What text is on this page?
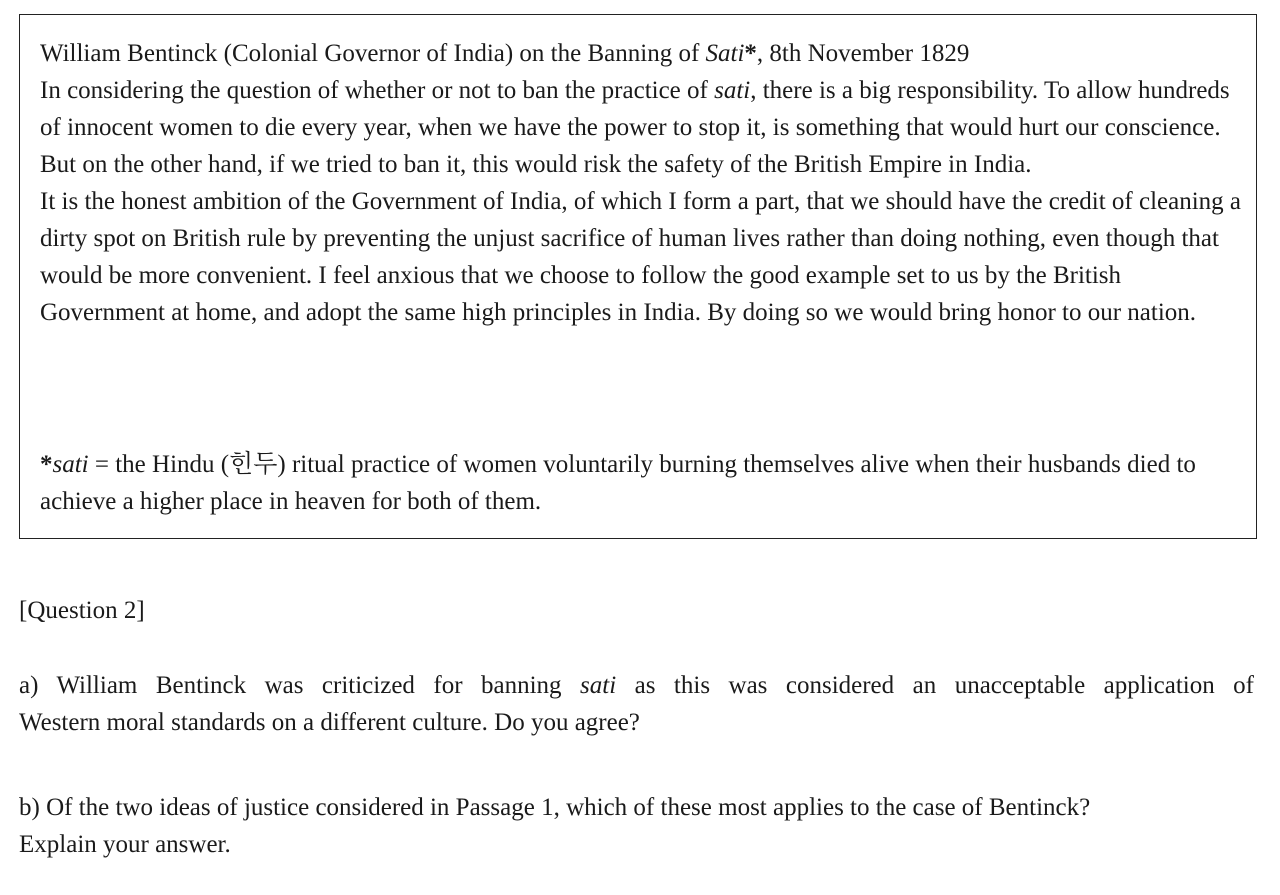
William Bentinck (Colonial Governor of India) on the Banning of Sati*, 8th November 1829

In considering the question of whether or not to ban the practice of sati, there is a big responsibility. To allow hundreds of innocent women to die every year, when we have the power to stop it, is something that would hurt our conscience. But on the other hand, if we tried to ban it, this would risk the safety of the British Empire in India.

It is the honest ambition of the Government of India, of which I form a part, that we should have the credit of cleaning a dirty spot on British rule by preventing the unjust sacrifice of human lives rather than doing nothing, even though that would be more convenient. I feel anxious that we choose to follow the good example set to us by the British Government at home, and adopt the same high principles in India. By doing so we would bring honor to our nation.

*sati = the Hindu (힌두) ritual practice of women voluntarily burning themselves alive when their husbands died to achieve a higher place in heaven for both of them.

[Question 2]

a) William Bentinck was criticized for banning sati as this was considered an unacceptable application of

Western moral standards on a different culture. Do you agree?

b) Of the two ideas of justice considered in Passage 1, which of these most applies to the case of Bentinck?

Explain your answer.
